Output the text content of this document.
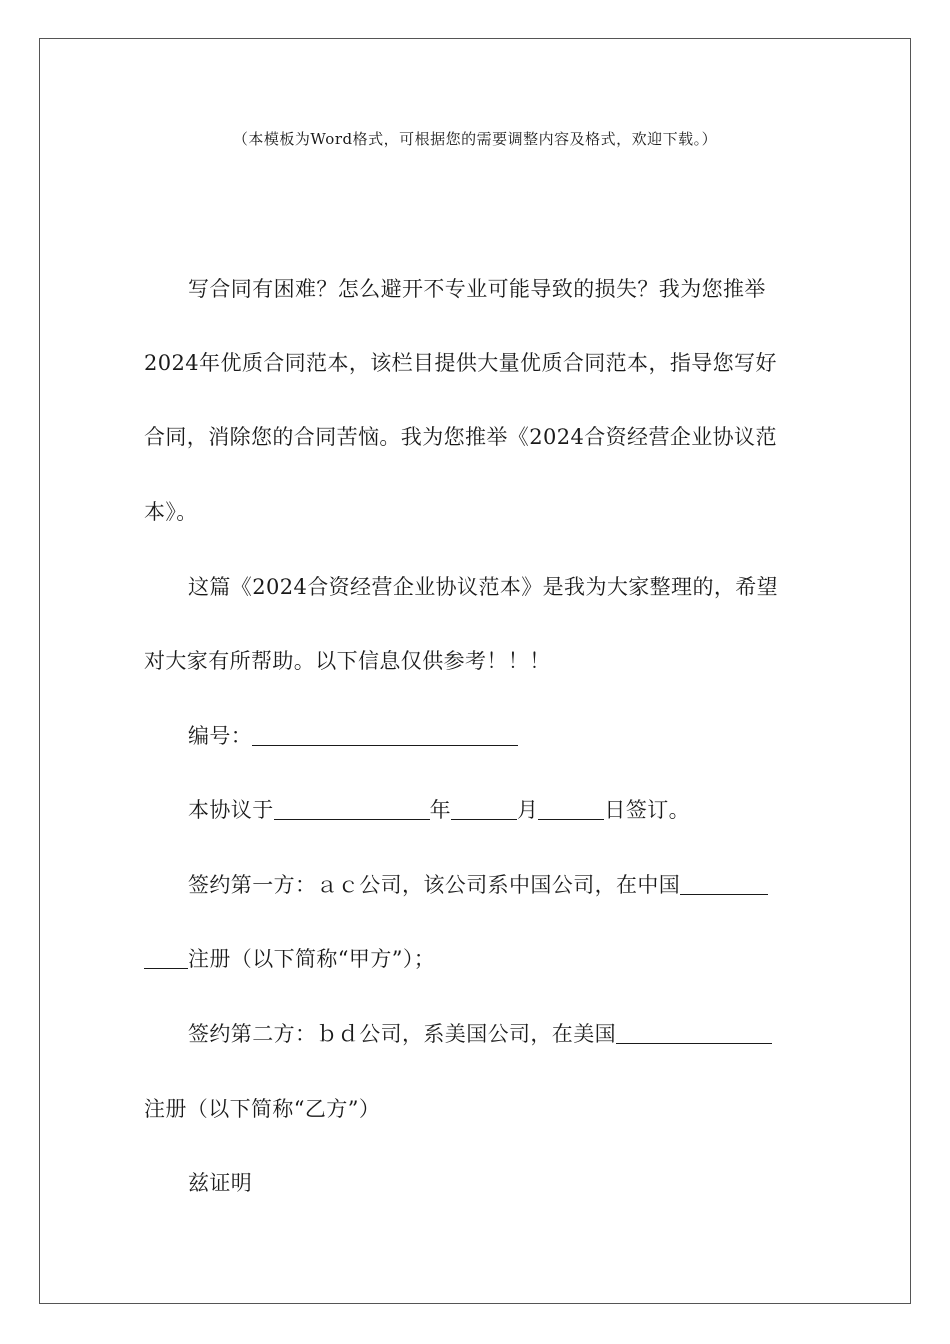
（本模板为Word格式，可根据您的需要调整内容及格式，欢迎下载。）
写合同有困难？怎么避开不专业可能导致的损失？我为您推举
2024年优质合同范本，该栏目提供大量优质合同范本，指导您写好
合同，消除您的合同苦恼。我为您推举《2024合资经营企业协议范
本》。
这篇《2024合资经营企业协议范本》是我为大家整理的，希望
对大家有所帮助。以下信息仅供参考！！！
编号：
本协议于	年	月	日签订。
签约第一方：ａｃ公司，该公司系中国公司，在中国
注册（以下简称“甲方”）；
签约第二方：ｂｄ公司，系美国公司，在美国
注册（以下简称“乙方”）
兹证明
